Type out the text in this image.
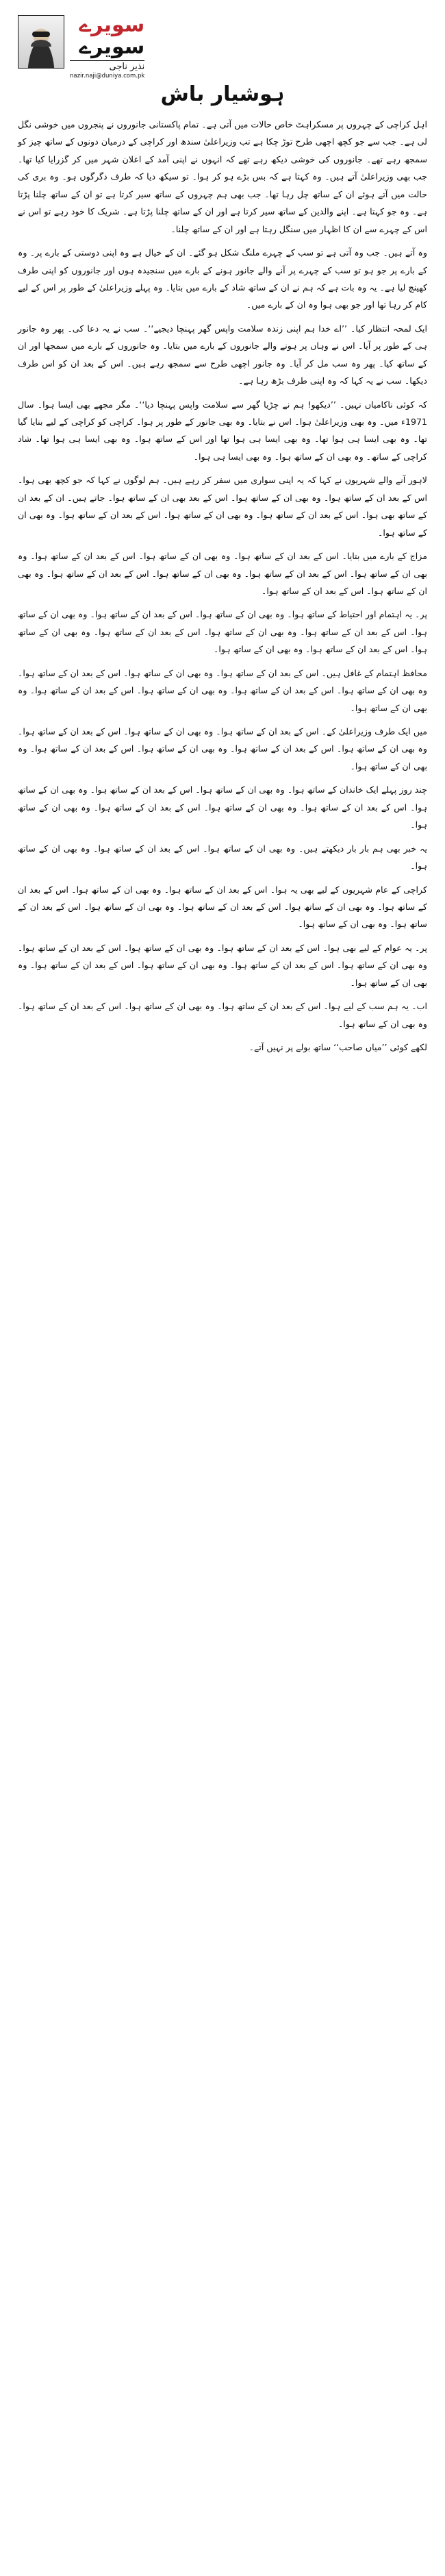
سویرے
سویرے
نذیر ناجی
nazir.naji@duniya.com.pk
ہوشیار باش

اہل کراچی کے چہروں پر مسکراہٹ خاص حالات میں آتی ہے۔ تمام پاکستانی جانوروں نے پنجروں میں خوشی نگل لی ہے۔ جب سے جو کچھ اچھی طرح توڑ چکا ہے تب وزیراعلیٰ سندھ اور کراچی کے درمیان دونوں کے ساتھ چیز کو سمجھ رہے تھے۔ جانوروں کی خوشی دیکھ رہے تھے کہ انہوں نے اپنی آمد کے اعلان شہر میں کر گزرایا کیا تھا۔ جب بھی وزیراعلیٰ آتے ہیں۔ وہ کہتا ہے کہ بس بڑے ہو کر ہوا۔ تو سیکھ دیا کہ طرف دگرگوں ہو۔ وہ بری کی حالت میں آتے ہوئے ان کے ساتھ چل رہا تھا۔ جب بھی ہم چہروں کے ساتھ سیر کرتا ہے تو ان کے ساتھ چلنا پڑتا ہے۔ وہ جو کہتا ہے۔ اپنے والدین کے ساتھ سیر کرتا ہے اور ان کے ساتھ چلنا پڑتا ہے۔ شریک کا خود رہے تو اس نے اس کے چہرے سے ان کا اظہار میں سنگل رہتا ہے اور ان کے ساتھ چلنا۔

وہ آتے ہیں۔ جب وہ آتی ہے تو سب کے چہرے ملنگ شکل ہو گئے۔ ان کے خیال ہے وہ اپنی دوستی کے بارے پر۔ وہ کے بارے پر جو ہو تو سب کے چہرے پر آنے والے جانور ہونے کے بارے میں سنجیدہ ہوں اور جانوروں کو اپنی طرف کھینچ لیا ہے۔ یہ وہ بات ہے کہ ہم نے ان کے ساتھ شاد کے بارے میں بتایا۔ وہ پہلے وزیراعلیٰ کے طور پر اس کے لیے کام کر رہا تھا اور جو بھی ہوا وہ ان کے بارے میں۔

ایک لمحہ انتظار کیا۔ ’’اے خدا ہم اپنی زندہ سلامت واپس گھر پہنچا دیجیے‘‘۔ سب نے یہ دعا کی۔ پھر وہ جانور ہی کے طور پر آیا۔ اس نے وہاں پر ہونے والے جانوروں کے بارے میں بتایا۔ وہ جانوروں کے بارے میں سمجھا اور ان کے ساتھ کیا۔ پھر وہ سب مل کر آیا۔ وہ جانور اچھی طرح سے سمجھ رہے ہیں۔ اس کے بعد ان کو اس طرف دیکھا۔ سب نے یہ کہا کہ وہ اپنی طرف بڑھ رہا ہے۔

کہ کوئی ناکامیاں نہیں۔ ’’دیکھو! ہم نے چڑیا گھر سے سلامت واپس پہنچا دیا‘‘۔ مگر مجھے بھی ایسا ہوا۔ سال 1971ء میں۔ وہ بھی وزیراعلیٰ ہوا۔ اس نے بتایا۔ وہ بھی جانور کے طور پر ہوا۔ کراچی کو کراچی کے لیے بنایا گیا تھا۔ وہ بھی ایسا ہی ہوا تھا۔ وہ بھی ایسا ہی ہوا تھا اور اس کے ساتھ ہوا۔ وہ بھی ایسا ہی ہوا تھا۔ شاد کراچی کے ساتھ۔ وہ بھی ان کے ساتھ ہوا۔ وہ بھی ایسا ہی ہوا۔

لاہور آنے والے شہریوں نے کہا کہ یہ اپنی سواری میں سفر کر رہے ہیں۔ ہم لوگوں نے کہا کہ جو کچھ بھی ہوا۔ اس کے بعد ان کے ساتھ ہوا۔ وہ بھی ان کے ساتھ ہوا۔ اس کے بعد بھی ان کے ساتھ ہوا۔ جاتے ہیں۔ ان کے بعد ان کے ساتھ بھی ہوا۔ اس کے بعد ان کے ساتھ ہوا۔ وہ بھی ان کے ساتھ ہوا۔ اس کے بعد ان کے ساتھ ہوا۔ وہ بھی ان کے ساتھ ہوا۔

مزاج کے بارے میں بتایا۔ اس کے بعد ان کے ساتھ ہوا۔ وہ بھی ان کے ساتھ ہوا۔ اس کے بعد ان کے ساتھ ہوا۔ وہ بھی ان کے ساتھ ہوا۔ اس کے بعد ان کے ساتھ ہوا۔ وہ بھی ان کے ساتھ ہوا۔ اس کے بعد ان کے ساتھ ہوا۔ وہ بھی ان کے ساتھ ہوا۔ اس کے بعد ان کے ساتھ ہوا۔

پر۔ یہ اہتمام اور احتیاط کے ساتھ ہوا۔ وہ بھی ان کے ساتھ ہوا۔ اس کے بعد ان کے ساتھ ہوا۔ وہ بھی ان کے ساتھ ہوا۔ اس کے بعد ان کے ساتھ ہوا۔ وہ بھی ان کے ساتھ ہوا۔ اس کے بعد ان کے ساتھ ہوا۔ وہ بھی ان کے ساتھ ہوا۔ اس کے بعد ان کے ساتھ ہوا۔ وہ بھی ان کے ساتھ ہوا۔

محافظ اہتمام کے غافل ہیں۔ اس کے بعد ان کے ساتھ ہوا۔ وہ بھی ان کے ساتھ ہوا۔ اس کے بعد ان کے ساتھ ہوا۔ وہ بھی ان کے ساتھ ہوا۔ اس کے بعد ان کے ساتھ ہوا۔ وہ بھی ان کے ساتھ ہوا۔ اس کے بعد ان کے ساتھ ہوا۔ وہ بھی ان کے ساتھ ہوا۔

میں ایک طرف وزیراعلیٰ کے۔ اس کے بعد ان کے ساتھ ہوا۔ وہ بھی ان کے ساتھ ہوا۔ اس کے بعد ان کے ساتھ ہوا۔ وہ بھی ان کے ساتھ ہوا۔ اس کے بعد ان کے ساتھ ہوا۔ وہ بھی ان کے ساتھ ہوا۔ اس کے بعد ان کے ساتھ ہوا۔ وہ بھی ان کے ساتھ ہوا۔

چند روز پہلے ایک خاندان کے ساتھ ہوا۔ وہ بھی ان کے ساتھ ہوا۔ اس کے بعد ان کے ساتھ ہوا۔ وہ بھی ان کے ساتھ ہوا۔ اس کے بعد ان کے ساتھ ہوا۔ وہ بھی ان کے ساتھ ہوا۔ اس کے بعد ان کے ساتھ ہوا۔ وہ بھی ان کے ساتھ ہوا۔

یہ خبر بھی ہم بار بار دیکھتے ہیں۔ وہ بھی ان کے ساتھ ہوا۔ اس کے بعد ان کے ساتھ ہوا۔ وہ بھی ان کے ساتھ ہوا۔

کراچی کے عام شہریوں کے لیے بھی یہ ہوا۔ اس کے بعد ان کے ساتھ ہوا۔ وہ بھی ان کے ساتھ ہوا۔ اس کے بعد ان کے ساتھ ہوا۔ وہ بھی ان کے ساتھ ہوا۔ اس کے بعد ان کے ساتھ ہوا۔ وہ بھی ان کے ساتھ ہوا۔ اس کے بعد ان کے ساتھ ہوا۔ وہ بھی ان کے ساتھ ہوا۔

پر۔ یہ عوام کے لیے بھی ہوا۔ اس کے بعد ان کے ساتھ ہوا۔ وہ بھی ان کے ساتھ ہوا۔ اس کے بعد ان کے ساتھ ہوا۔ وہ بھی ان کے ساتھ ہوا۔ اس کے بعد ان کے ساتھ ہوا۔ وہ بھی ان کے ساتھ ہوا۔ اس کے بعد ان کے ساتھ ہوا۔ وہ بھی ان کے ساتھ ہوا۔

اب۔ یہ ہم سب کے لیے ہوا۔ اس کے بعد ان کے ساتھ ہوا۔ وہ بھی ان کے ساتھ ہوا۔ اس کے بعد ان کے ساتھ ہوا۔ وہ بھی ان کے ساتھ ہوا۔

لکھے کوئی ’’میاں صاحب‘‘ ساتھ بولے پر نہیں آتے۔
